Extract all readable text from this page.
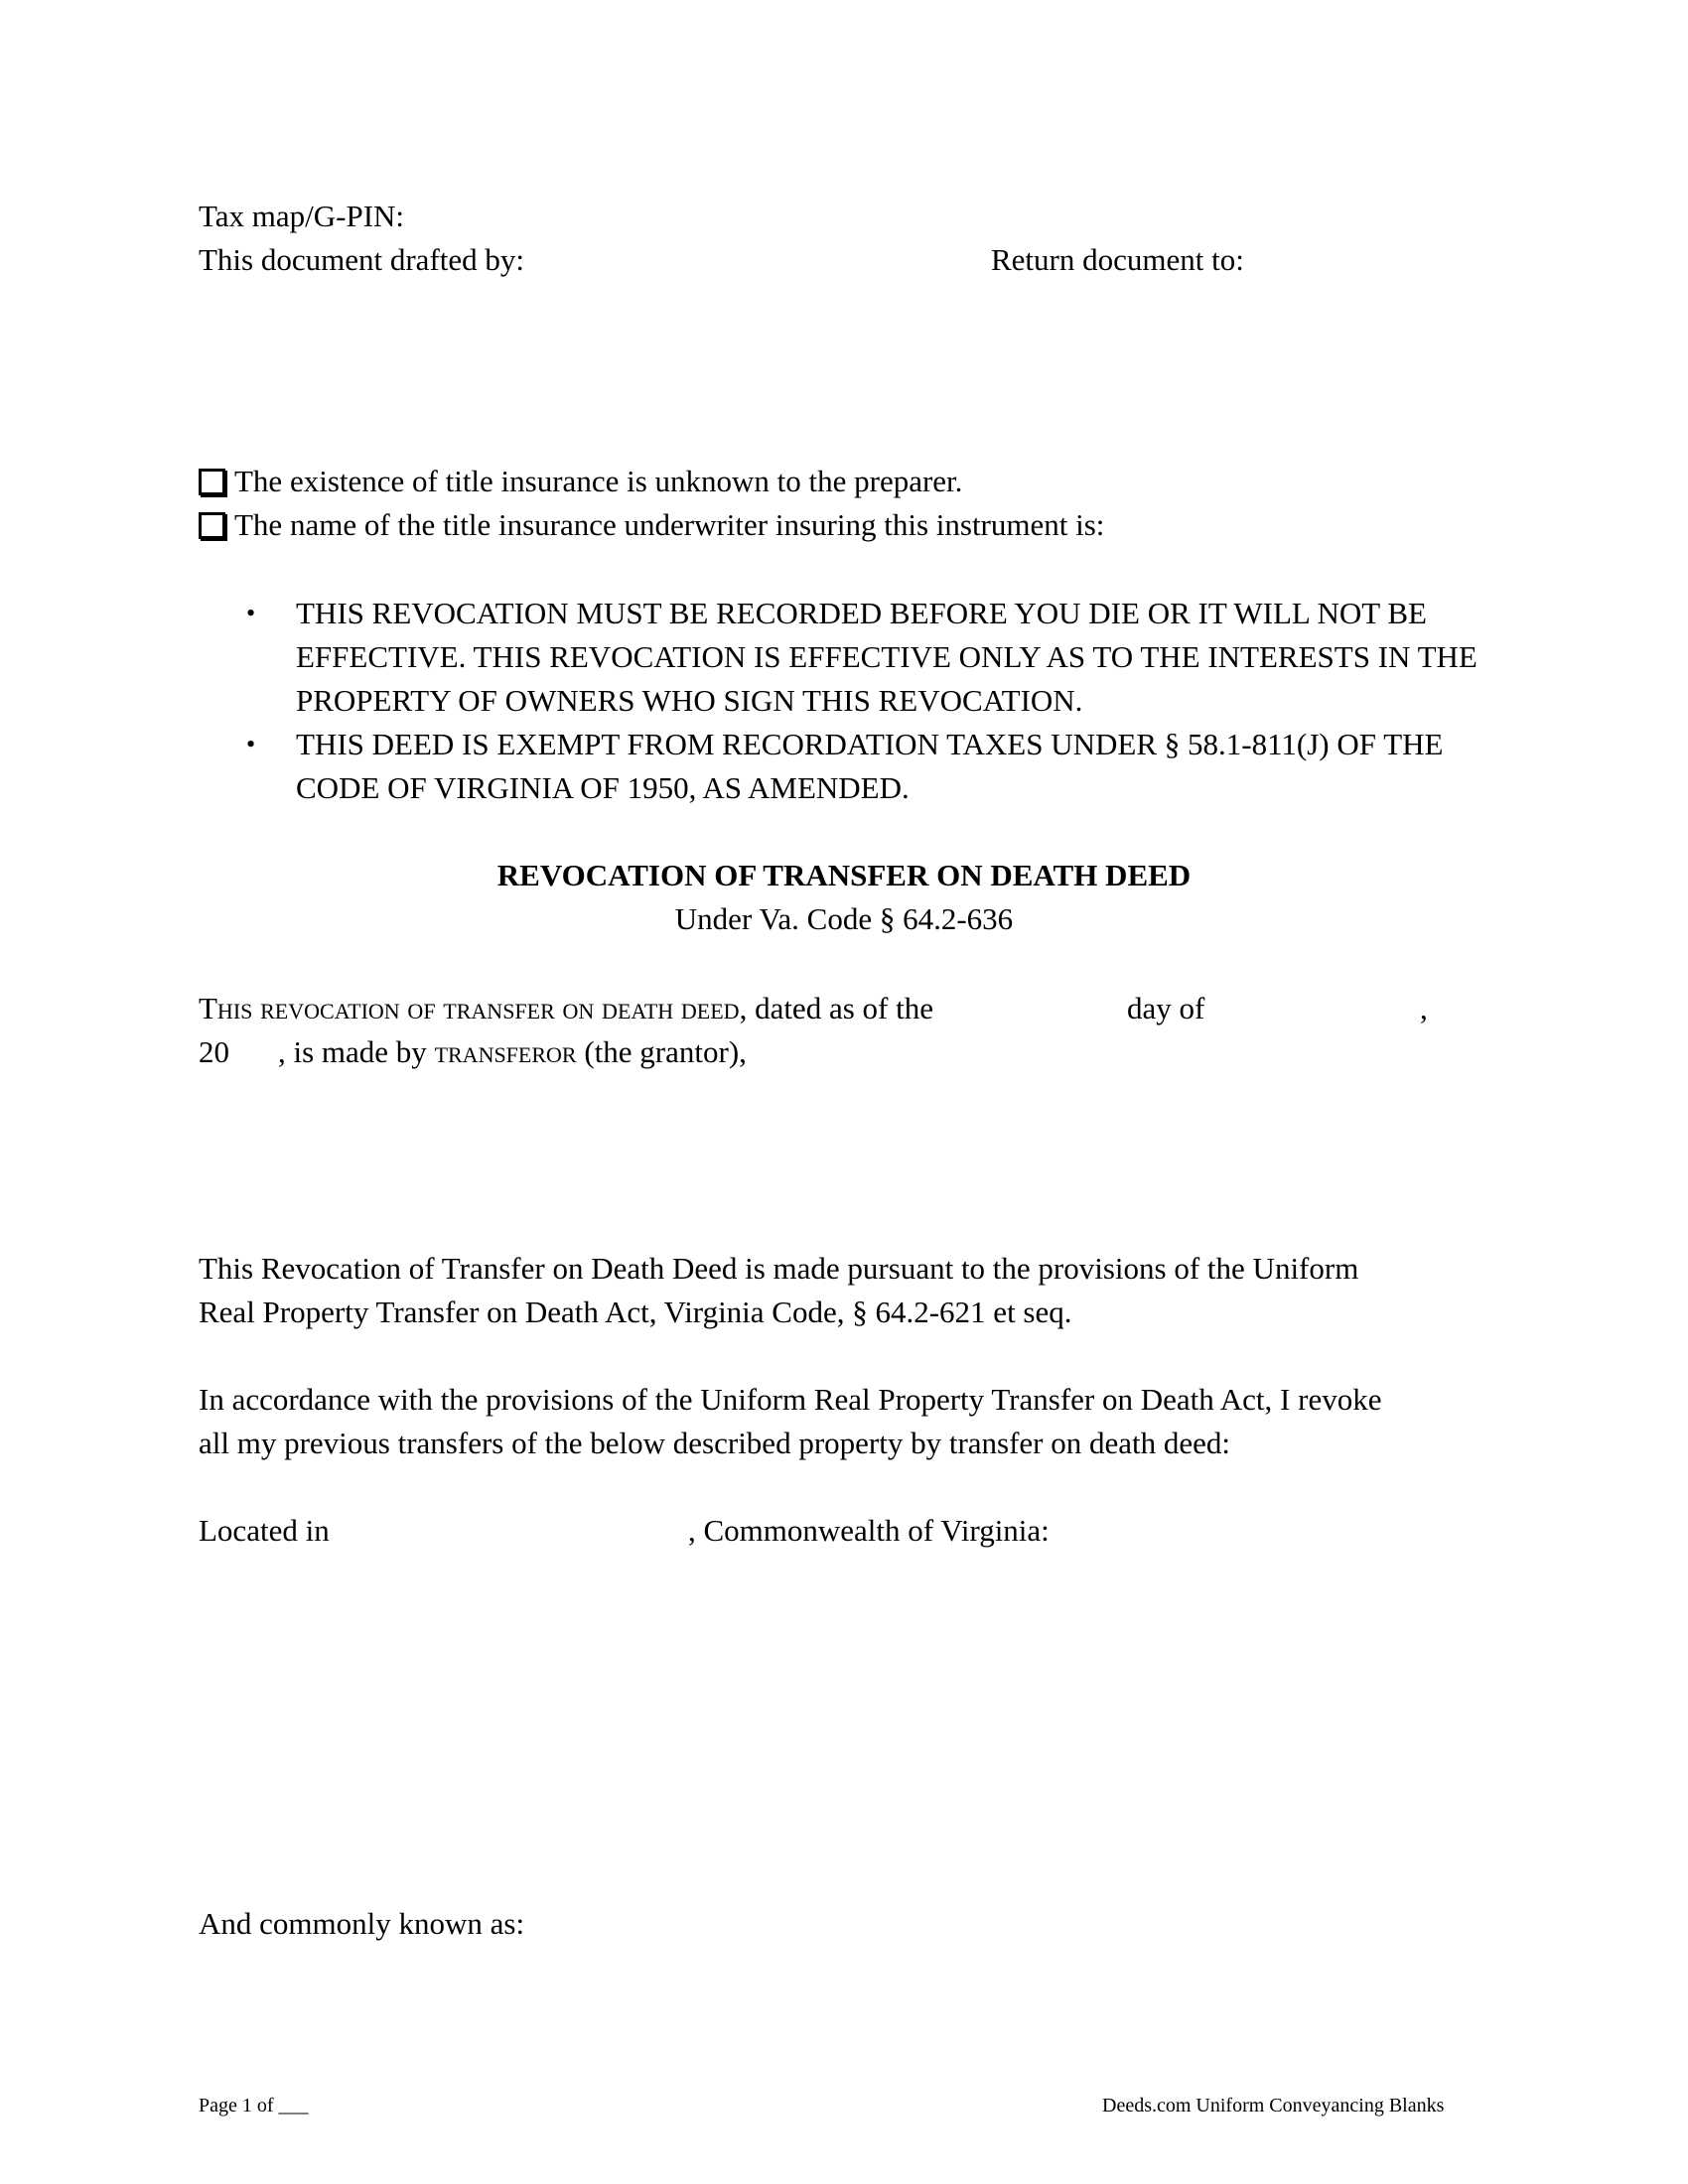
Tax map/G-PIN:
This document drafted by:	Return document to:
The existence of title insurance is unknown to the preparer.
The name of the title insurance underwriter insuring this instrument is:
• THIS REVOCATION MUST BE RECORDED BEFORE YOU DIE OR IT WILL NOT BE EFFECTIVE. THIS REVOCATION IS EFFECTIVE ONLY AS TO THE INTERESTS IN THE PROPERTY OF OWNERS WHO SIGN THIS REVOCATION.
• THIS DEED IS EXEMPT FROM RECORDATION TAXES UNDER § 58.1-811(J) OF THE CODE OF VIRGINIA OF 1950, AS AMENDED.
REVOCATION OF TRANSFER ON DEATH DEED
Under Va. Code § 64.2-636
This revocation of transfer on death deed, dated as of the	day of	,
20 , is made by transferor (the grantor),
This Revocation of Transfer on Death Deed is made pursuant to the provisions of the Uniform
Real Property Transfer on Death Act, Virginia Code, § 64.2-621 et seq.
In accordance with the provisions of the Uniform Real Property Transfer on Death Act, I revoke
all my previous transfers of the below described property by transfer on death deed:
Located in	, Commonwealth of Virginia:
And commonly known as:
Page 1 of ___	Deeds.com Uniform Conveyancing Blanks
